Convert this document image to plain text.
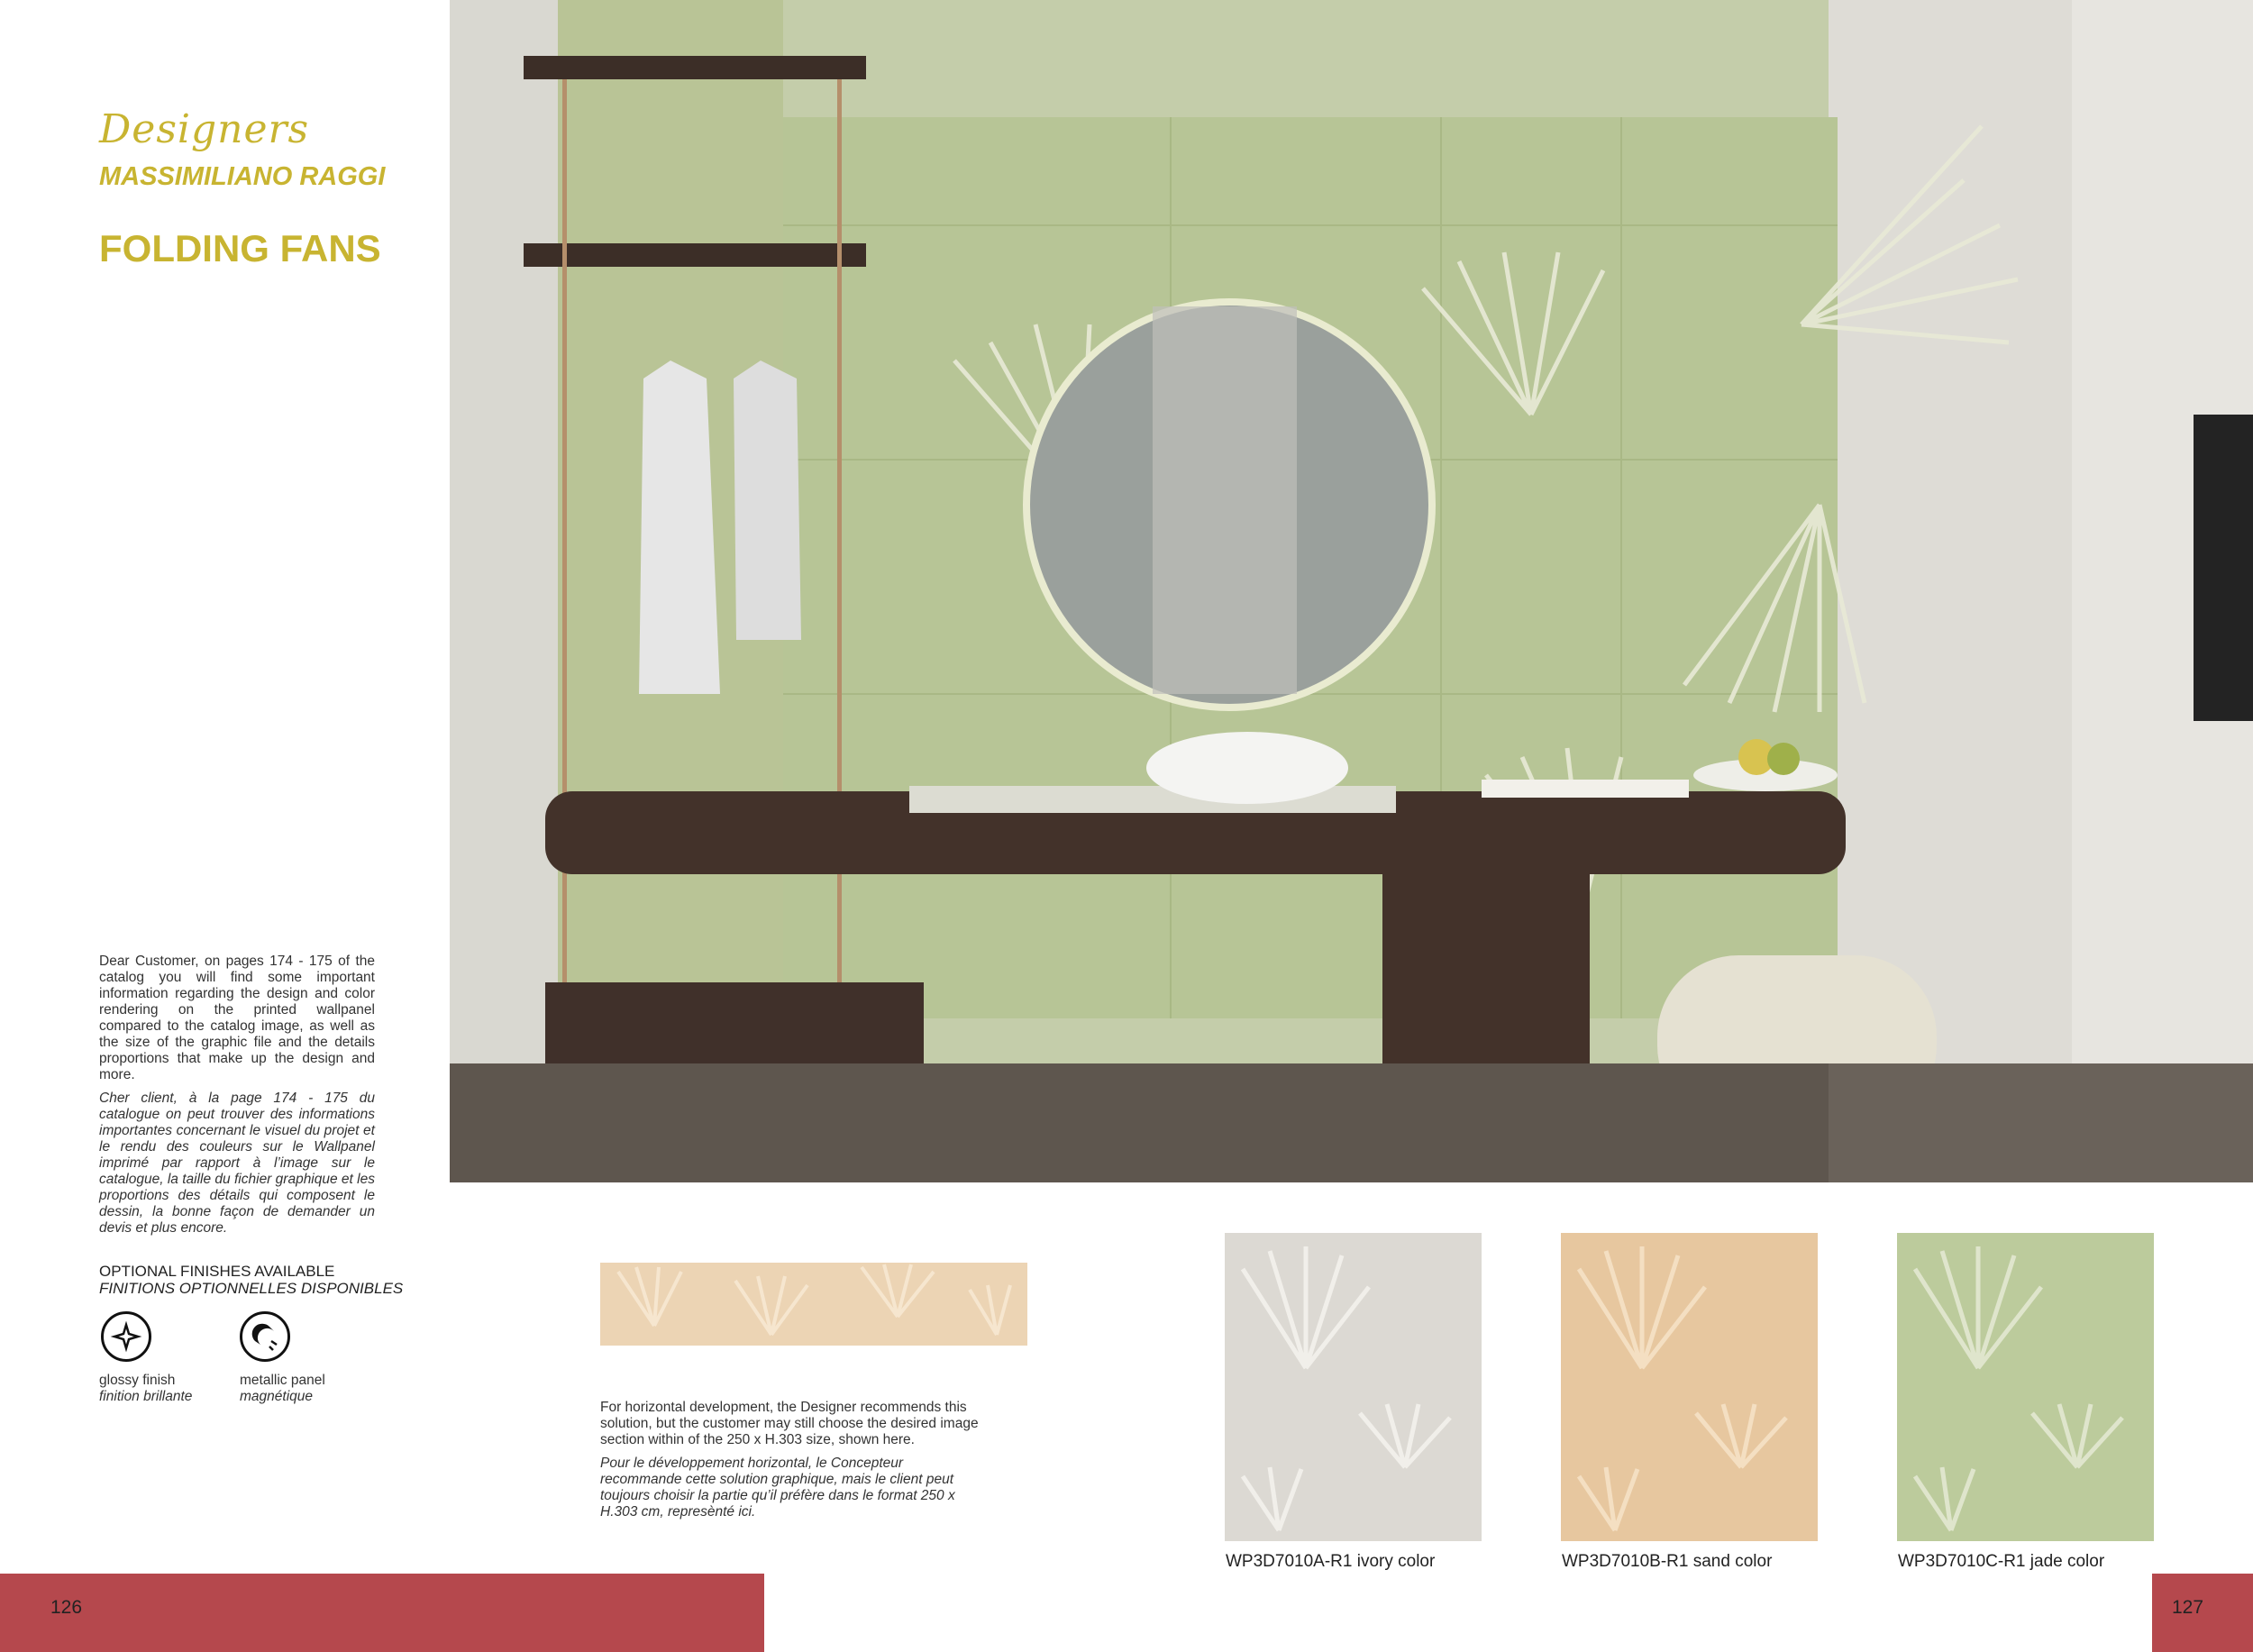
Designers
MASSIMILIANO RAGGI
FOLDING FANS

Dear Customer, on pages 174 - 175 of the catalog you will find some important information regarding the design and color rendering on the printed wallpanel compared to the catalog image, as well as the size of the graphic file and the details proportions that make up the design and more.

Cher client, à la page 174 - 175 du catalogue on peut trouver des informations importantes concernant le visuel du projet et le rendu des couleurs sur le Wallpanel imprimé par rapport à l’image sur le catalogue, la taille du fichier graphique et les proportions des détails qui composent le dessin, la bonne façon de demander un devis et plus encore.

OPTIONAL FINISHES AVAILABLE
FINITIONS OPTIONNELLES DISPONIBLES
glossy finish
finition brillante
metallic panel
magnétique

For horizontal development, the Designer recommends this solution, but the customer may still choose the desired image section within of the 250 x H.303 size, shown here.

Pour le développement horizontal, le Concepteur recommande cette solution graphique, mais le client peut toujours choisir la partie qu’il préfère dans le format 250 x H.303 cm, represènté ici.

WP3D7010A-R1 ivory color	WP3D7010B-R1 sand color	WP3D7010C-R1 jade color
126	127
